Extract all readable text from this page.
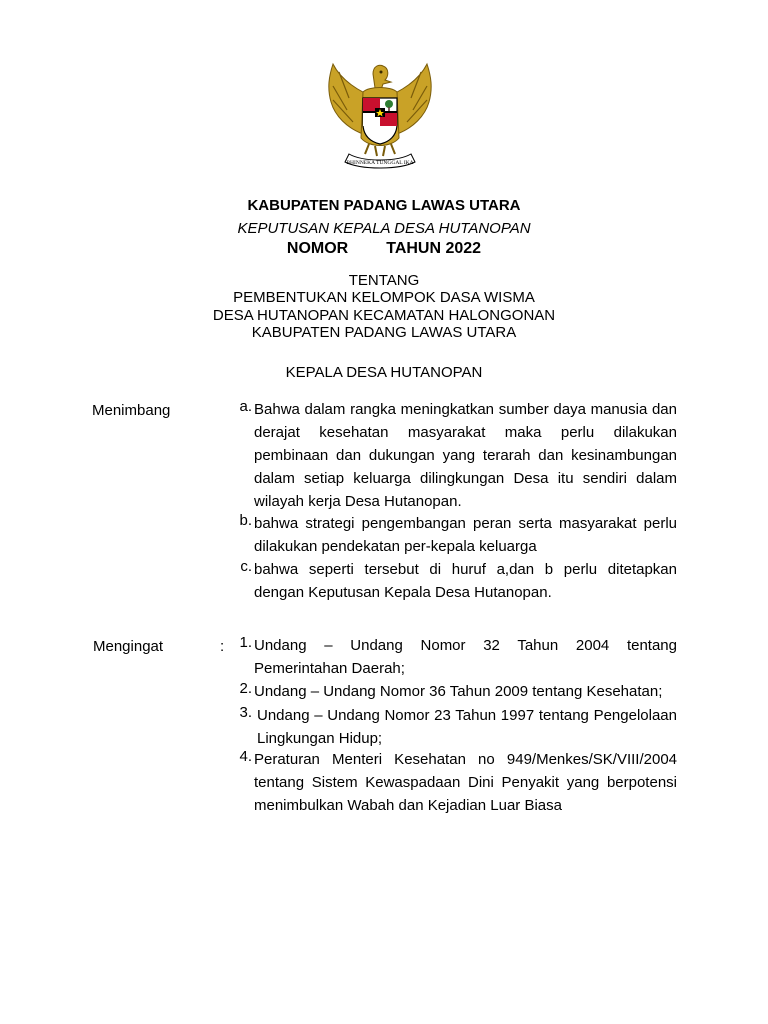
BHINNEKA TUNGGAL IKA
KABUPATEN PADANG LAWAS UTARA
KEPUTUSAN KEPALA DESA HUTANOPAN
NOMOR TAHUN 2022
TENTANG
PEMBENTUKAN KELOMPOK DASA WISMA
DESA HUTANOPAN KECAMATAN HALONGONAN
KABUPATEN PADANG LAWAS UTARA
KEPALA DESA HUTANOPAN
Menimbang	a. Bahwa dalam rangka meningkatkan sumber daya manusia dan derajat kesehatan masyarakat maka perlu dilakukan pembinaan dan dukungan yang terarah dan kesinambungan dalam setiap keluarga dilingkungan Desa itu sendiri dalam wilayah kerja Desa Hutanopan.
b. bahwa strategi pengembangan peran serta masyarakat perlu dilakukan pendekatan per-kepala keluarga
c. bahwa seperti tersebut di huruf a,dan b perlu ditetapkan dengan Keputusan Kepala Desa Hutanopan.
Mengingat	:	1. Undang – Undang Nomor 32 Tahun 2004 tentang Pemerintahan Daerah;
2. Undang – Undang Nomor 36 Tahun 2009 tentang Kesehatan;
3. Undang – Undang Nomor 23 Tahun 1997 tentang Pengelolaan Lingkungan Hidup;
4. Peraturan Menteri Kesehatan no 949/Menkes/SK/VIII/2004 tentang Sistem Kewaspadaan Dini Penyakit yang berpotensi menimbulkan Wabah dan Kejadian Luar Biasa
